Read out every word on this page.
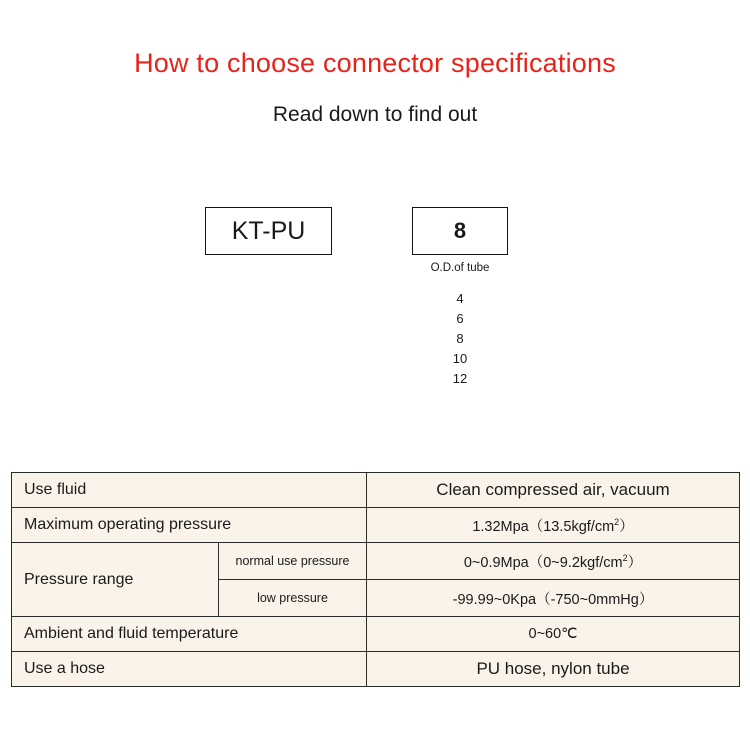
How to choose connector specifications
Read down to find out
KT-PU	8
O.D.of tube
4
6
8
10
12
Use fluid		Clean compressed air, vacuum
Maximum operating pressure		$1.32Mpa(13.5kgf/cm^2)$
Pressure range	normal use pressure	$0\sim 0.9Mpa(0\sim 9.2kgf/cm^2)$
	low pressure	-99.99~0Kpa（-750~0mmHg）
Ambient and fluid temperature		0~60℃
Use a hose		PU hose, nylon tube
